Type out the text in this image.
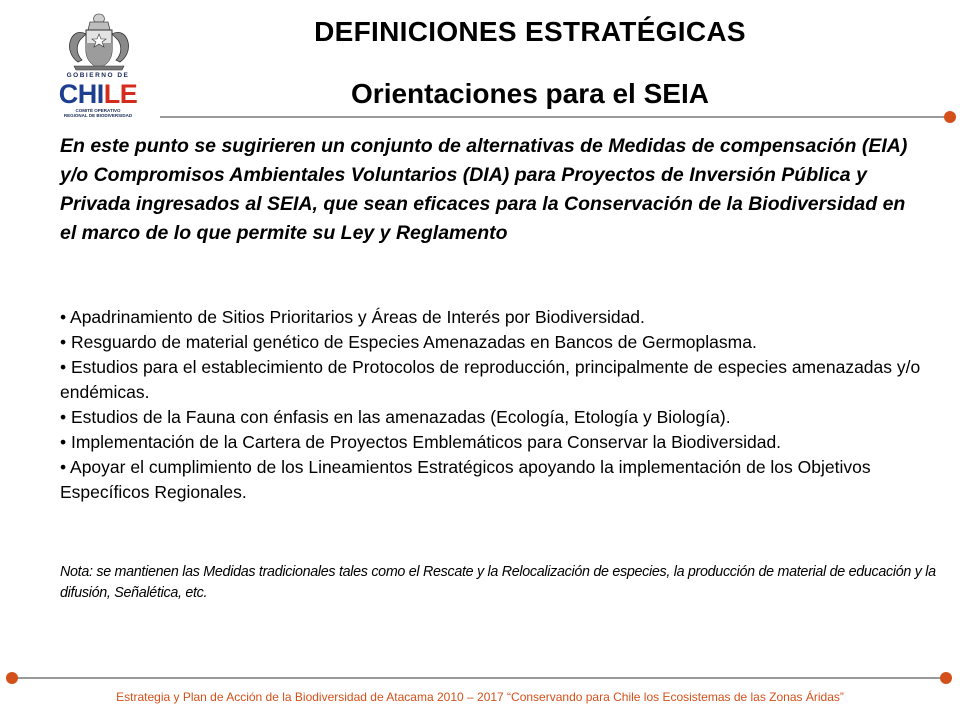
GOBIERNO DE
CHILE
COMITÉ OPERATIVO
REGIONAL DE BIODIVERSIDAD
DEFINICIONES ESTRATÉGICAS
Orientaciones para el SEIA
En este punto se sugirieren un conjunto de alternativas de Medidas de compensación (EIA) y/o Compromisos Ambientales Voluntarios (DIA) para Proyectos de Inversión Pública y Privada ingresados al SEIA, que sean eficaces para la Conservación de la Biodiversidad en el marco de lo que permite su Ley y Reglamento

• Apadrinamiento de Sitios Prioritarios y Áreas de Interés por Biodiversidad.

• Resguardo de material genético de Especies Amenazadas en Bancos de Germoplasma.

• Estudios para el establecimiento de Protocolos de reproducción, principalmente de especies amenazadas y/o endémicas.

• Estudios de la Fauna con énfasis en las amenazadas (Ecología, Etología y Biología).

• Implementación de la Cartera de Proyectos Emblemáticos para Conservar la Biodiversidad.

• Apoyar el cumplimiento de los Lineamientos Estratégicos apoyando la implementación de los Objetivos Específicos Regionales.

Nota: se mantienen las Medidas tradicionales tales como el Rescate y la Relocalización de especies, la producción de material de educación y la difusión, Señalética, etc.
Estrategia y Plan de Acción de la Biodiversidad de Atacama 2010 – 2017 “Conservando para Chile los Ecosistemas de las Zonas Áridas”
